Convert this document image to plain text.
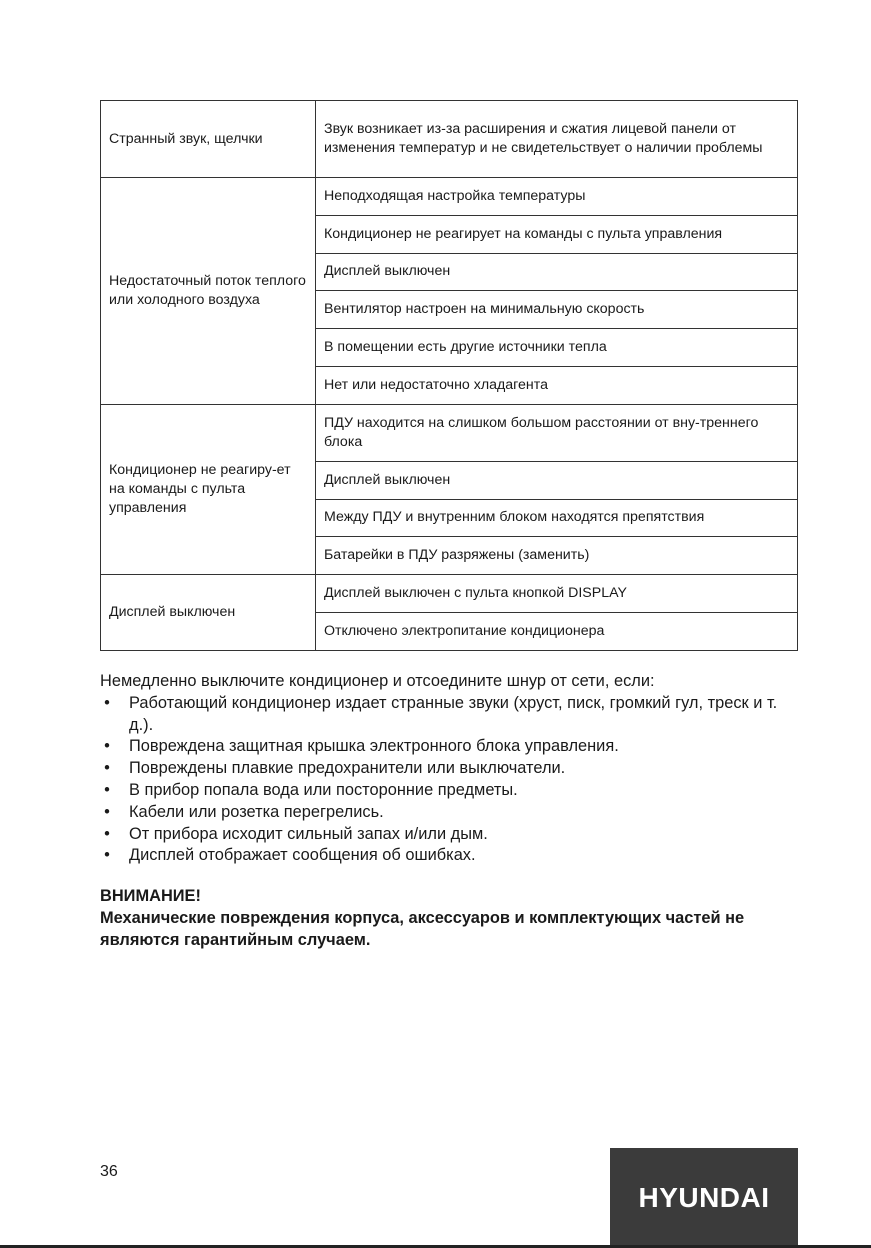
Странный звук, щелчки	Звук возникает из-за расширения и сжатия лицевой панели от изменения температур и не свидетельствует о наличии проблемы
Недостаточный поток теплого или холодного воздуха	Неподходящая настройка температуры
	Кондиционер не реагирует на команды с пульта управления
	Дисплей выключен
	Вентилятор настроен на минимальную скорость
	В помещении есть другие источники тепла
	Нет или недостаточно хладагента
Кондиционер не реагиру-ет на команды с пульта управления	ПДУ находится на слишком большом расстоянии от вну-треннего блока
	Дисплей выключен
	Между ПДУ и внутренним блоком находятся препятствия
	Батарейки в ПДУ разряжены (заменить)
Дисплей выключен	Дисплей выключен с пульта кнопкой DISPLAY
	Отключено электропитание кондиционера

Немедленно выключите кондиционер и отсоедините шнур от сети, если:

• Работающий кондиционер издает странные звуки (хруст, писк, громкий гул, треск и т. д.).
• Повреждена защитная крышка электронного блока управления.
• Повреждены плавкие предохранители или выключатели.
• В прибор попала вода или посторонние предметы.
• Кабели или розетка перегрелись.
• От прибора исходит сильный запах и/или дым.
• Дисплей отображает сообщения об ошибках.

ВНИМАНИЕ!

Механические повреждения корпуса, аксессуаров и комплектующих частей не являются гарантийным случаем.

36
HYUNDAI
